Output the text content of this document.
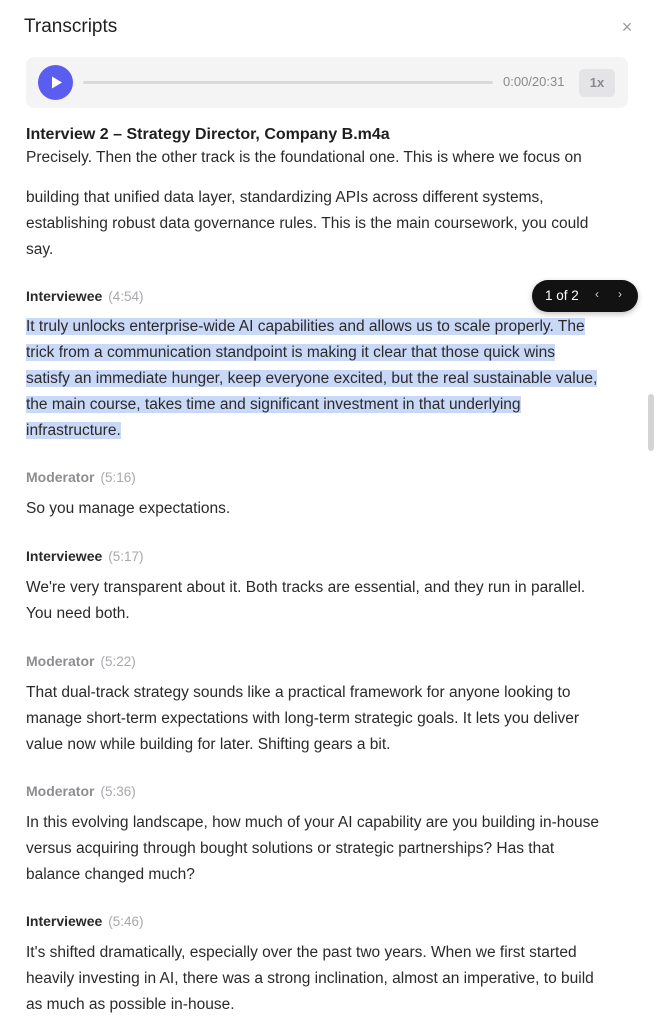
Transcripts	×
0:00/20:31	1x
Interview 2 – Strategy Director, Company B.m4a
Precisely. Then the other track is the foundational one. This is where we focus on
building that unified data layer, standardizing APIs across different systems,
establishing robust data governance rules. This is the main coursework, you could
say.
Interviewee (4:54)
It truly unlocks enterprise-wide AI capabilities and allows us to scale properly. The
trick from a communication standpoint is making it clear that those quick wins
satisfy an immediate hunger, keep everyone excited, but the real sustainable value,
the main course, takes time and significant investment in that underlying
infrastructure.
Moderator (5:16)
So you manage expectations.
Interviewee (5:17)
We're very transparent about it. Both tracks are essential, and they run in parallel.
You need both.
Moderator (5:22)
That dual-track strategy sounds like a practical framework for anyone looking to
manage short-term expectations with long-term strategic goals. It lets you deliver
value now while building for later. Shifting gears a bit.
Moderator (5:36)
In this evolving landscape, how much of your AI capability are you building in-house
versus acquiring through bought solutions or strategic partnerships? Has that
balance changed much?
Interviewee (5:46)
It's shifted dramatically, especially over the past two years. When we first started
heavily investing in AI, there was a strong inclination, almost an imperative, to build
as much as possible in-house.
1 of 2	‹	›
